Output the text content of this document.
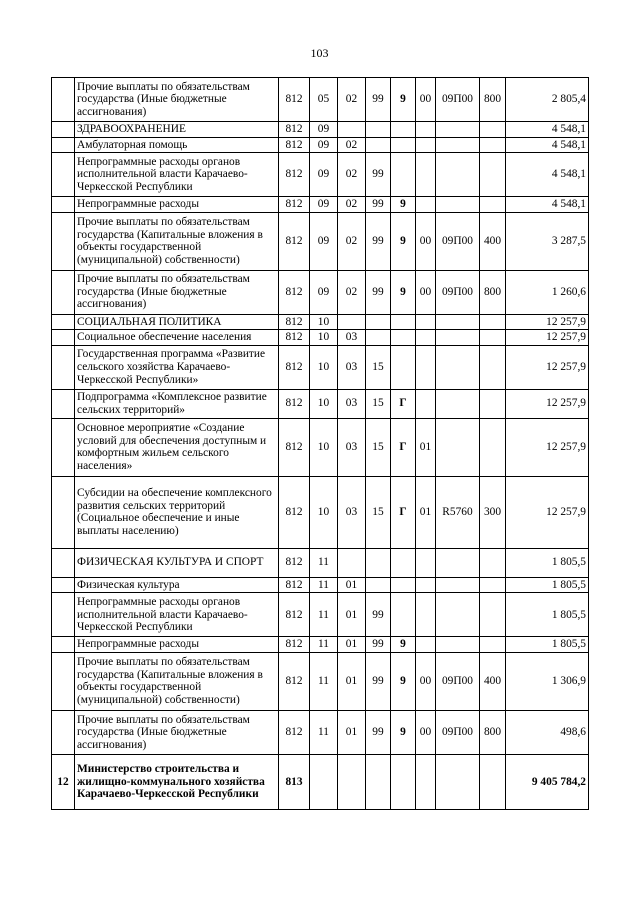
103
	Прочие выплаты по обязательствам государства (Иные бюджетные ассигнования)	812	05	02	99	9	00	09П00	800	2 805,4
	ЗДРАВООХРАНЕНИЕ	812	09							4 548,1
	Амбулаторная помощь	812	09	02						4 548,1
	Непрограммные расходы органов исполнительной власти Карачаево-Черкесской Республики	812	09	02	99					4 548,1
	Непрограммные расходы	812	09	02	99	9				4 548,1
	Прочие выплаты по обязательствам государства (Капитальные вложения в объекты государственной (муниципальной) собственности)	812	09	02	99	9	00	09П00	400	3 287,5
	Прочие выплаты по обязательствам государства (Иные бюджетные ассигнования)	812	09	02	99	9	00	09П00	800	1 260,6
	СОЦИАЛЬНАЯ ПОЛИТИКА	812	10							12 257,9
	Социальное обеспечение населения	812	10	03						12 257,9
	Государственная программа «Развитие сельского хозяйства Карачаево-Черкесской Республики»	812	10	03	15					12 257,9
	Подпрограмма «Комплексное развитие сельских территорий»	812	10	03	15	Г				12 257,9
	Основное мероприятие «Создание условий для обеспечения доступным и комфортным жильем сельского населения»	812	10	03	15	Г	01			12 257,9
	Субсидии на обеспечение комплексного развития сельских территорий (Социальное обеспечение и иные выплаты населению)	812	10	03	15	Г	01	R5760	300	12 257,9
	ФИЗИЧЕСКАЯ КУЛЬТУРА И СПОРТ	812	11							1 805,5
	Физическая культура	812	11	01						1 805,5
	Непрограммные расходы органов исполнительной власти Карачаево-Черкесской Республики	812	11	01	99					1 805,5
	Непрограммные расходы	812	11	01	99	9				1 805,5
	Прочие выплаты по обязательствам государства (Капитальные вложения в объекты государственной (муниципальной) собственности)	812	11	01	99	9	00	09П00	400	1 306,9
	Прочие выплаты по обязательствам государства (Иные бюджетные ассигнования)	812	11	01	99	9	00	09П00	800	498,6
12	Министерство строительства и жилищно-коммунального хозяйства Карачаево-Черкесской Республики	813								9 405 784,2
